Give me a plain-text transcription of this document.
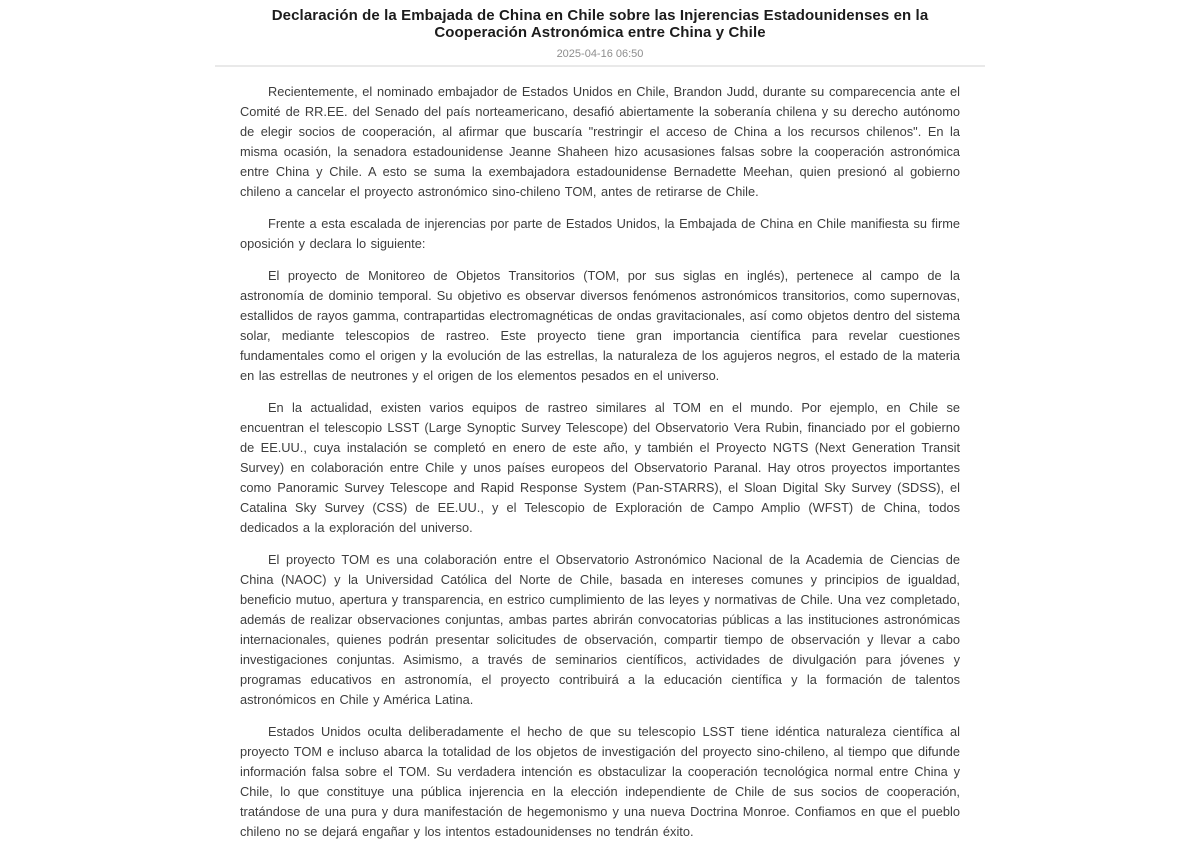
Declaración de la Embajada de China en Chile sobre las Injerencias Estadounidenses en la Cooperación Astronómica entre China y Chile
2025-04-16 06:50

Recientemente, el nominado embajador de Estados Unidos en Chile, Brandon Judd, durante su comparecencia ante el Comité de RR.EE. del Senado del país norteamericano, desafió abiertamente la soberanía chilena y su derecho autónomo de elegir socios de cooperación, al afirmar que buscaría "restringir el acceso de China a los recursos chilenos". En la misma ocasión, la senadora estadounidense Jeanne Shaheen hizo acusasiones falsas sobre la cooperación astronómica entre China y Chile. A esto se suma la exembajadora estadounidense Bernadette Meehan, quien presionó al gobierno chileno a cancelar el proyecto astronómico sino-chileno TOM, antes de retirarse de Chile.

Frente a esta escalada de injerencias por parte de Estados Unidos, la Embajada de China en Chile manifiesta su firme oposición y declara lo siguiente:

El proyecto de Monitoreo de Objetos Transitorios (TOM, por sus siglas en inglés), pertenece al campo de la astronomía de dominio temporal. Su objetivo es observar diversos fenómenos astronómicos transitorios, como supernovas, estallidos de rayos gamma, contrapartidas electromagnéticas de ondas gravitacionales, así como objetos dentro del sistema solar, mediante telescopios de rastreo. Este proyecto tiene gran importancia científica para revelar cuestiones fundamentales como el origen y la evolución de las estrellas, la naturaleza de los agujeros negros, el estado de la materia en las estrellas de neutrones y el origen de los elementos pesados en el universo.

En la actualidad, existen varios equipos de rastreo similares al TOM en el mundo. Por ejemplo, en Chile se encuentran el telescopio LSST (Large Synoptic Survey Telescope) del Observatorio Vera Rubin, financiado por el gobierno de EE.UU., cuya instalación se completó en enero de este año, y también el Proyecto NGTS (Next Generation Transit Survey) en colaboración entre Chile y unos países europeos del Observatorio Paranal. Hay otros proyectos importantes como Panoramic Survey Telescope and Rapid Response System (Pan-STARRS), el Sloan Digital Sky Survey (SDSS), el Catalina Sky Survey (CSS) de EE.UU., y el Telescopio de Exploración de Campo Amplio (WFST) de China, todos dedicados a la exploración del universo.

El proyecto TOM es una colaboración entre el Observatorio Astronómico Nacional de la Academia de Ciencias de China (NAOC) y la Universidad Católica del Norte de Chile, basada en intereses comunes y principios de igualdad, beneficio mutuo, apertura y transparencia, en estrico cumplimiento de las leyes y normativas de Chile. Una vez completado, además de realizar observaciones conjuntas, ambas partes abrirán convocatorias públicas a las instituciones astronómicas internacionales, quienes podrán presentar solicitudes de observación, compartir tiempo de observación y llevar a cabo investigaciones conjuntas. Asimismo, a través de seminarios científicos, actividades de divulgación para jóvenes y programas educativos en astronomía, el proyecto contribuirá a la educación científica y la formación de talentos astronómicos en Chile y América Latina.

Estados Unidos oculta deliberadamente el hecho de que su telescopio LSST tiene idéntica naturaleza científica al proyecto TOM e incluso abarca la totalidad de los objetos de investigación del proyecto sino-chileno, al tiempo que difunde información falsa sobre el TOM. Su verdadera intención es obstaculizar la cooperación tecnológica normal entre China y Chile, lo que constituye una pública injerencia en la elección independiente de Chile de sus socios de cooperación, tratándose de una pura y dura manifestación de hegemonismo y una nueva Doctrina Monroe. Confiamos en que el pueblo chileno no se dejará engañar y los intentos estadounidenses no tendrán éxito.
